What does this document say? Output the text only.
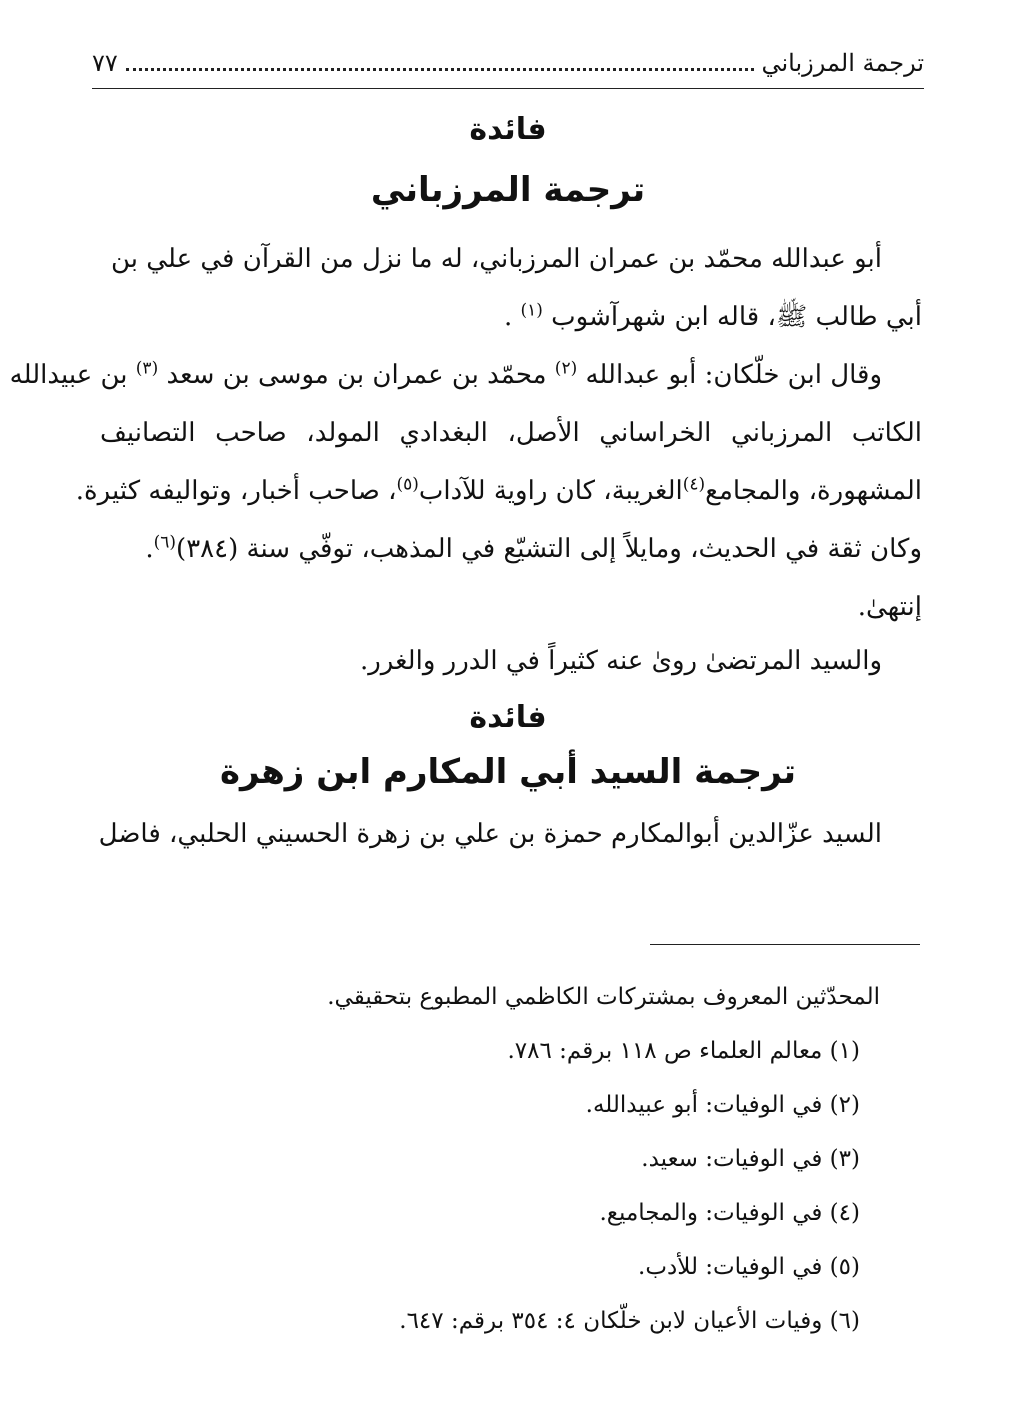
ترجمة المرزباني
٧٧
فائدة
ترجمة المرزباني
أبو عبدالله محمّد بن عمران المرزباني، له ما نزل من القرآن في علي بن
أبي طالب ﷺ، قاله ابن شهرآشوب $^{(١)}$ .
وقال ابن خلّكان: أبو عبدالله $^{(٢)}$ محمّد بن عمران بن موسى بن سعد $^{(٣)}$ بن عبيدالله
الكاتب المرزباني الخراساني الأصل، البغدادي المولد، صاحب التصانيف
المشهورة، والمجامع$^{(٤)}$الغريبة، كان راوية للآداب$^{(٥)}$، صاحب أخبار، وتواليفه كثيرة.
وكان ثقة في الحديث، ومايلاً إلى التشيّع في المذهب، توفّي سنة (٣٨٤)$^{(٦)}$.
إنتهىٰ.
والسيد المرتضىٰ روىٰ عنه كثيراً في الدرر والغرر.
فائدة
ترجمة السيد أبي المكارم ابن زهرة
السيد عزّالدين أبوالمكارم حمزة بن علي بن زهرة الحسيني الحلبي، فاضل
المحدّثين المعروف بمشتركات الكاظمي المطبوع بتحقيقي.
(١) معالم العلماء ص ١١٨ برقم: ٧٨٦.
(٢) في الوفيات: أبو عبيدالله.
(٣) في الوفيات: سعيد.
(٤) في الوفيات: والمجاميع.
(٥) في الوفيات: للأدب.
(٦) وفيات الأعيان لابن خلّكان ٤: ٣٥٤ برقم: ٦٤٧.
